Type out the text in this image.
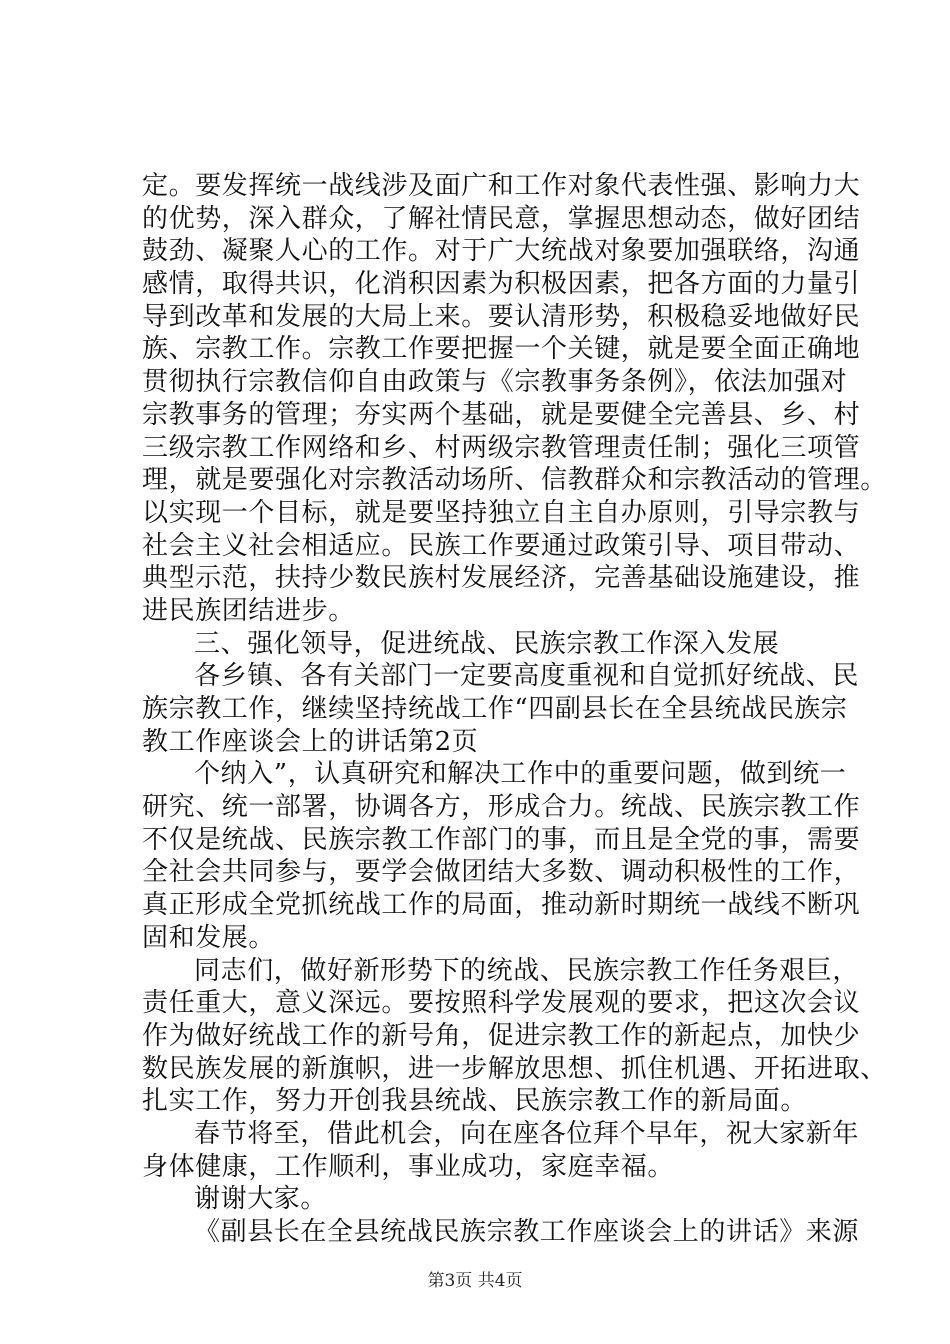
定。要发挥统一战线涉及面广和工作对象代表性强、影响力大
的优势，深入群众，了解社情民意，掌握思想动态，做好团结
鼓劲、凝聚人心的工作。对于广大统战对象要加强联络，沟通
感情，取得共识，化消积因素为积极因素，把各方面的力量引
导到改革和发展的大局上来。要认清形势，积极稳妥地做好民
族、宗教工作。宗教工作要把握一个关键，就是要全面正确地
贯彻执行宗教信仰自由政策与《宗教事务条例》，依法加强对
宗教事务的管理；夯实两个基础，就是要健全完善县、乡、村
三级宗教工作网络和乡、村两级宗教管理责任制；强化三项管
理，就是要强化对宗教活动场所、信教群众和宗教活动的管理。
以实现一个目标，就是要坚持独立自主自办原则，引导宗教与
社会主义社会相适应。民族工作要通过政策引导、项目带动、
典型示范，扶持少数民族村发展经济，完善基础设施建设，推
进民族团结进步。
三、强化领导，促进统战、民族宗教工作深入发展
各乡镇、各有关部门一定要高度重视和自觉抓好统战、民
族宗教工作，继续坚持统战工作“四副县长在全县统战民族宗
教工作座谈会上的讲话第2页
个纳入”，认真研究和解决工作中的重要问题，做到统一
研究、统一部署，协调各方，形成合力。统战、民族宗教工作
不仅是统战、民族宗教工作部门的事，而且是全党的事，需要
全社会共同参与，要学会做团结大多数、调动积极性的工作，
真正形成全党抓统战工作的局面，推动新时期统一战线不断巩
固和发展。
同志们，做好新形势下的统战、民族宗教工作任务艰巨，
责任重大，意义深远。要按照科学发展观的要求，把这次会议
作为做好统战工作的新号角，促进宗教工作的新起点，加快少
数民族发展的新旗帜，进一步解放思想、抓住机遇、开拓进取、
扎实工作，努力开创我县统战、民族宗教工作的新局面。
春节将至，借此机会，向在座各位拜个早年，祝大家新年
身体健康，工作顺利，事业成功，家庭幸福。
谢谢大家。
《副县长在全县统战民族宗教工作座谈会上的讲话》来源
第3页 共4页
